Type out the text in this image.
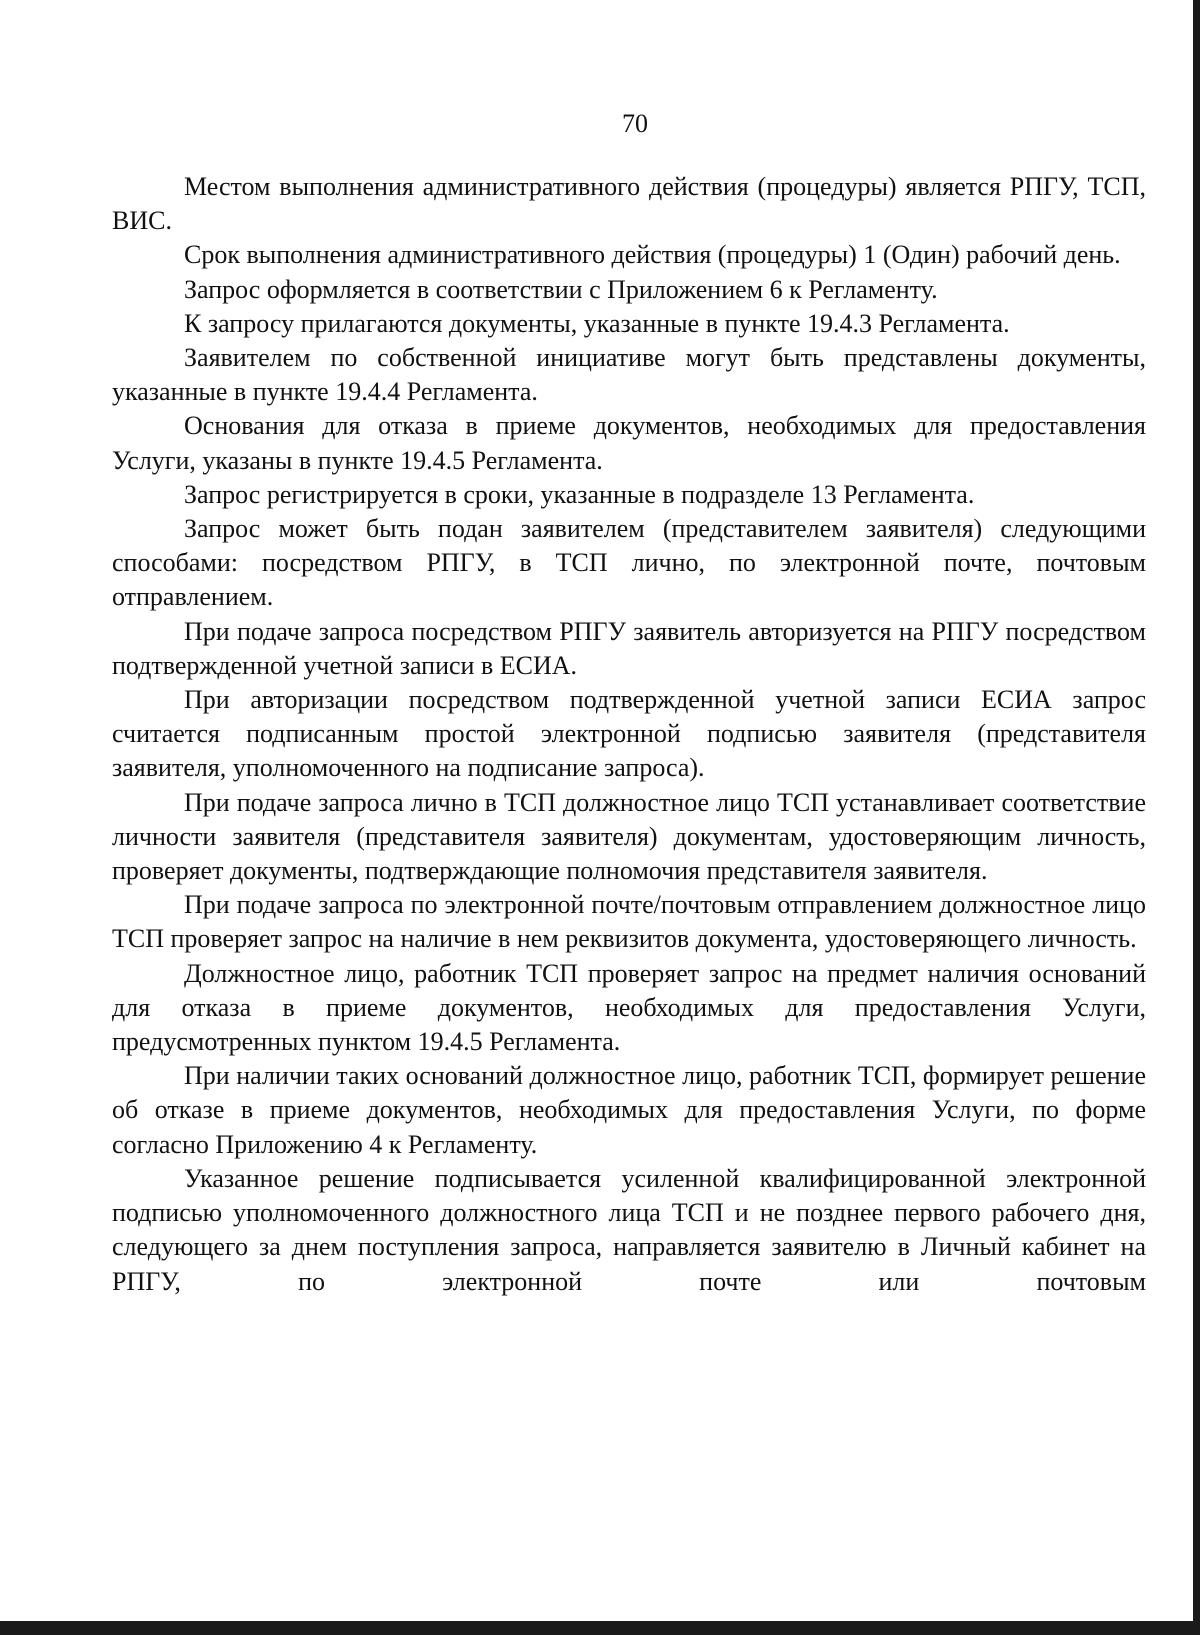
70

Местом выполнения административного действия (процедуры) является РПГУ, ТСП, ВИС.

Срок выполнения административного действия (процедуры) 1 (Один) рабочий день.

Запрос оформляется в соответствии с Приложением 6 к Регламенту.

К запросу прилагаются документы, указанные в пункте 19.4.3 Регламента.

Заявителем по собственной инициативе могут быть представлены документы, указанные в пункте 19.4.4 Регламента.

Основания для отказа в приеме документов, необходимых для предоставления Услуги, указаны в пункте 19.4.5 Регламента.

Запрос регистрируется в сроки, указанные в подразделе 13 Регламента.

Запрос может быть подан заявителем (представителем заявителя) следующими способами: посредством РПГУ, в ТСП лично, по электронной почте, почтовым отправлением.

При подаче запроса посредством РПГУ заявитель авторизуется на РПГУ посредством подтвержденной учетной записи в ЕСИА.

При авторизации посредством подтвержденной учетной записи ЕСИА запрос считается подписанным простой электронной подписью заявителя (представителя заявителя, уполномоченного на подписание запроса).

При подаче запроса лично в ТСП должностное лицо ТСП устанавливает соответствие личности заявителя (представителя заявителя) документам, удостоверяющим личность, проверяет документы, подтверждающие полномочия представителя заявителя.

При подаче запроса по электронной почте/почтовым отправлением должностное лицо ТСП проверяет запрос на наличие в нем реквизитов документа, удостоверяющего личность.

Должностное лицо, работник ТСП проверяет запрос на предмет наличия оснований для отказа в приеме документов, необходимых для предоставления Услуги, предусмотренных пунктом 19.4.5 Регламента.

При наличии таких оснований должностное лицо, работник ТСП, формирует решение об отказе в приеме документов, необходимых для предоставления Услуги, по форме согласно Приложению 4 к Регламенту.

Указанное решение подписывается усиленной квалифицированной электронной подписью уполномоченного должностного лица ТСП и не позднее первого рабочего дня, следующего за днем поступления запроса, направляется заявителю в Личный кабинет на РПГУ, по электронной почте или почтовым
